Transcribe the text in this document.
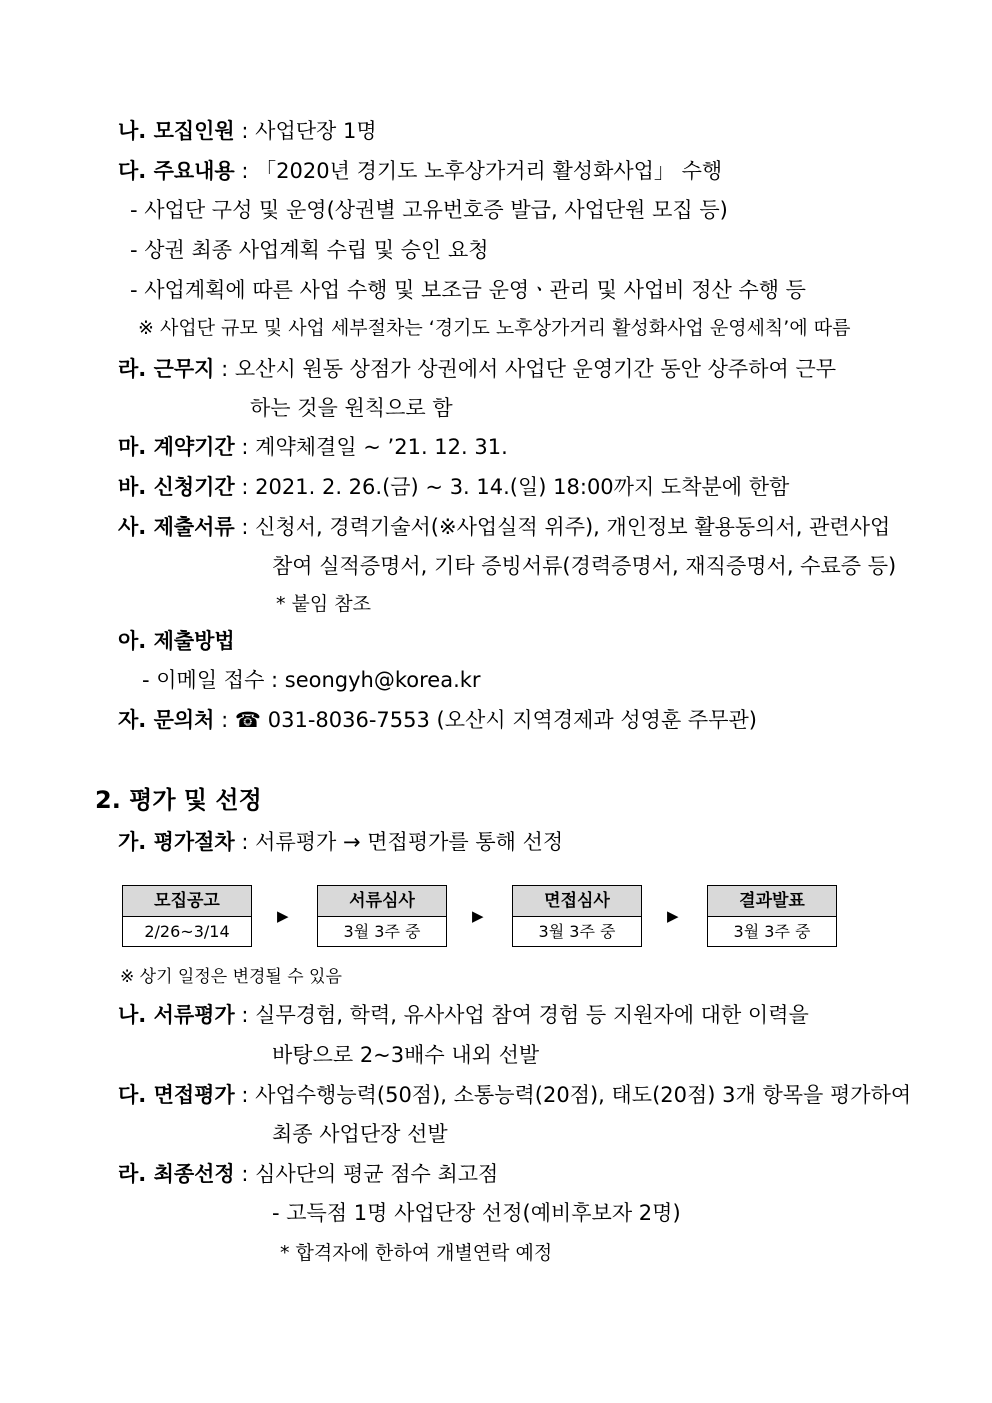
나. 모집인원 : 사업단장 1명
다. 주요내용 : 「2020년 경기도 노후상가거리 활성화사업」 수행
- 사업단 구성 및 운영(상권별 고유번호증 발급, 사업단원 모집 등)
- 상권 최종 사업계획 수립 및 승인 요청
- 사업계획에 따른 사업 수행 및 보조금 운영ㆍ관리 및 사업비 정산 수행 등
※ 사업단 규모 및 사업 세부절차는 ‘경기도 노후상가거리 활성화사업 운영세칙’에 따름
라. 근무지 : 오산시 원동 상점가 상권에서 사업단 운영기간 동안 상주하여 근무
하는 것을 원칙으로 함
마. 계약기간 : 계약체결일 ~ ’21. 12. 31.
바. 신청기간 : 2021. 2. 26.(금) ~ 3. 14.(일) 18:00까지 도착분에 한함
사. 제출서류 : 신청서, 경력기술서(※사업실적 위주), 개인정보 활용동의서, 관련사업
참여 실적증명서, 기타 증빙서류(경력증명서, 재직증명서, 수료증 등)
* 붙임 참조
아. 제출방법
- 이메일 접수 : seongyh@korea.kr
자. 문의처 : ☎ 031-8036-7553 (오산시 지역경제과 성영훈 주무관)
2. 평가 및 선정
가. 평가절차 : 서류평가 → 면접평가를 통해 선정
모집공고
2/26~3/14
▶
서류심사
3월 3주 중
▶
면접심사
3월 3주 중
▶
결과발표
3월 3주 중
※ 상기 일정은 변경될 수 있음
나. 서류평가 : 실무경험, 학력, 유사사업 참여 경험 등 지원자에 대한 이력을
바탕으로 2~3배수 내외 선발
다. 면접평가 : 사업수행능력(50점), 소통능력(20점), 태도(20점) 3개 항목을 평가하여
최종 사업단장 선발
라. 최종선정 : 심사단의 평균 점수 최고점
- 고득점 1명 사업단장 선정(예비후보자 2명)
* 합격자에 한하여 개별연락 예정
